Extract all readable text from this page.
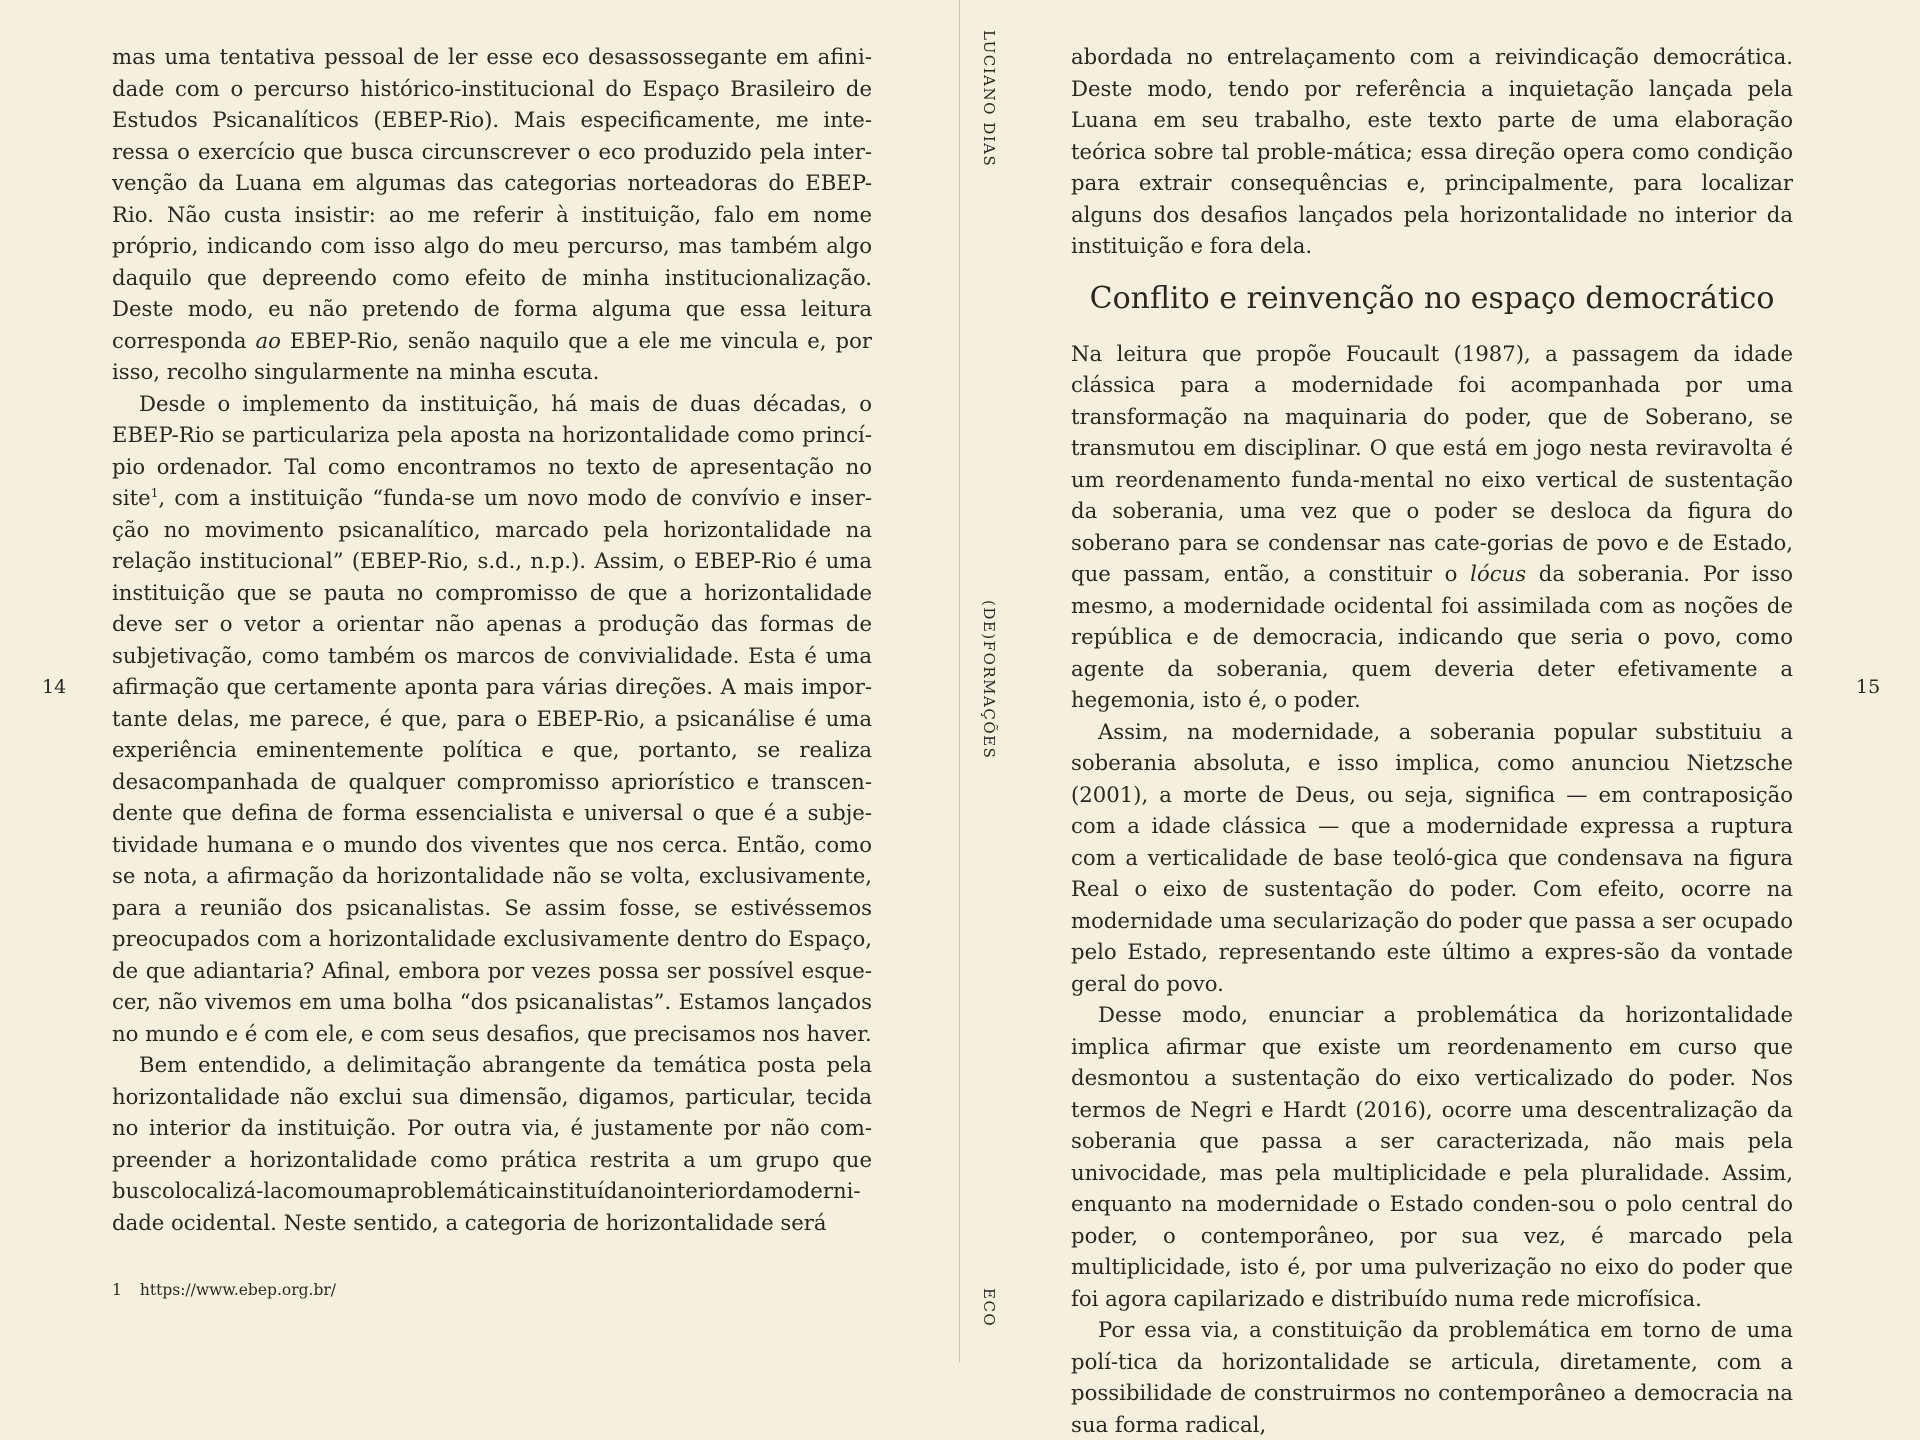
mas uma tentativa pessoal de ler esse eco desassossegante em afini-dade com o percurso histórico-institucional do Espaço Brasileiro de Estudos Psicanalíticos (EBEP-Rio). Mais especificamente, me inte-ressa o exercício que busca circunscrever o eco produzido pela inter-venção da Luana em algumas das categorias norteadoras do EBEP-Rio. Não custa insistir: ao me referir à instituição, falo em nome próprio, indicando com isso algo do meu percurso, mas também algo daquilo que depreendo como efeito de minha institucionalização. Deste modo, eu não pretendo de forma alguma que essa leitura corresponda ao EBEP-Rio, senão naquilo que a ele me vincula e, por isso, recolho singularmente na minha escuta.

Desde o implemento da instituição, há mais de duas décadas, o EBEP-Rio se particulariza pela aposta na horizontalidade como princí-pio ordenador. Tal como encontramos no texto de apresentação no site$^1$, com a instituição “funda-se um novo modo de convívio e inser-ção no movimento psicanalítico, marcado pela horizontalidade na relação institucional” (EBEP-Rio, s.d., n.p.). Assim, o EBEP-Rio é uma instituição que se pauta no compromisso de que a horizontalidade deve ser o vetor a orientar não apenas a produção das formas de subjetivação, como também os marcos de convivialidade. Esta é uma afirmação que certamente aponta para várias direções. A mais impor-tante delas, me parece, é que, para o EBEP-Rio, a psicanálise é uma experiência eminentemente política e que, portanto, se realiza desacompanhada de qualquer compromisso apriorístico e transcen-dente que defina de forma essencialista e universal o que é a subje-tividade humana e o mundo dos viventes que nos cerca. Então, como se nota, a afirmação da horizontalidade não se volta, exclusivamente, para a reunião dos psicanalistas. Se assim fosse, se estivéssemos preocupados com a horizontalidade exclusivamente dentro do Espaço, de que adiantaria? Afinal, embora por vezes possa ser possível esque-cer, não vivemos em uma bolha “dos psicanalistas”. Estamos lançados no mundo e é com ele, e com seus desafios, que precisamos nos haver.

Bem entendido, a delimitação abrangente da temática posta pela horizontalidade não exclui sua dimensão, digamos, particular, tecida no interior da instituição. Por outra via, é justamente por não com-preender a horizontalidade como prática restrita a um grupo que buscolocalizá-lacomoumaproblemáticainstituídanointeriordamoderni-dade ocidental. Neste sentido, a categoria de horizontalidade será

14
1 https://www.ebep.org.br/
LUCIANO DIAS
(DE)FORMAÇÕES
ECO

abordada no entrelaçamento com a reivindicação democrática. Deste modo, tendo por referência a inquietação lançada pela Luana em seu trabalho, este texto parte de uma elaboração teórica sobre tal proble-mática; essa direção opera como condição para extrair consequências e, principalmente, para localizar alguns dos desafios lançados pela horizontalidade no interior da instituição e fora dela.

Conflito e reinvenção no espaço democrático

Na leitura que propõe Foucault (1987), a passagem da idade clássica para a modernidade foi acompanhada por uma transformação na maquinaria do poder, que de Soberano, se transmutou em disciplinar. O que está em jogo nesta reviravolta é um reordenamento funda-mental no eixo vertical de sustentação da soberania, uma vez que o poder se desloca da figura do soberano para se condensar nas cate-gorias de povo e de Estado, que passam, então, a constituir o lócus da soberania. Por isso mesmo, a modernidade ocidental foi assimilada com as noções de república e de democracia, indicando que seria o povo, como agente da soberania, quem deveria deter efetivamente a hegemonia, isto é, o poder.

Assim, na modernidade, a soberania popular substituiu a soberania absoluta, e isso implica, como anunciou Nietzsche (2001), a morte de Deus, ou seja, significa — em contraposição com a idade clássica — que a modernidade expressa a ruptura com a verticalidade de base teoló-gica que condensava na figura Real o eixo de sustentação do poder. Com efeito, ocorre na modernidade uma secularização do poder que passa a ser ocupado pelo Estado, representando este último a expres-são da vontade geral do povo.

Desse modo, enunciar a problemática da horizontalidade implica afirmar que existe um reordenamento em curso que desmontou a sustentação do eixo verticalizado do poder. Nos termos de Negri e Hardt (2016), ocorre uma descentralização da soberania que passa a ser caracterizada, não mais pela univocidade, mas pela multiplicidade e pela pluralidade. Assim, enquanto na modernidade o Estado conden-sou o polo central do poder, o contemporâneo, por sua vez, é marcado pela multiplicidade, isto é, por uma pulverização no eixo do poder que foi agora capilarizado e distribuído numa rede microfísica.

Por essa via, a constituição da problemática em torno de uma polí-tica da horizontalidade se articula, diretamente, com a possibilidade de construirmos no contemporâneo a democracia na sua forma radical,

15
